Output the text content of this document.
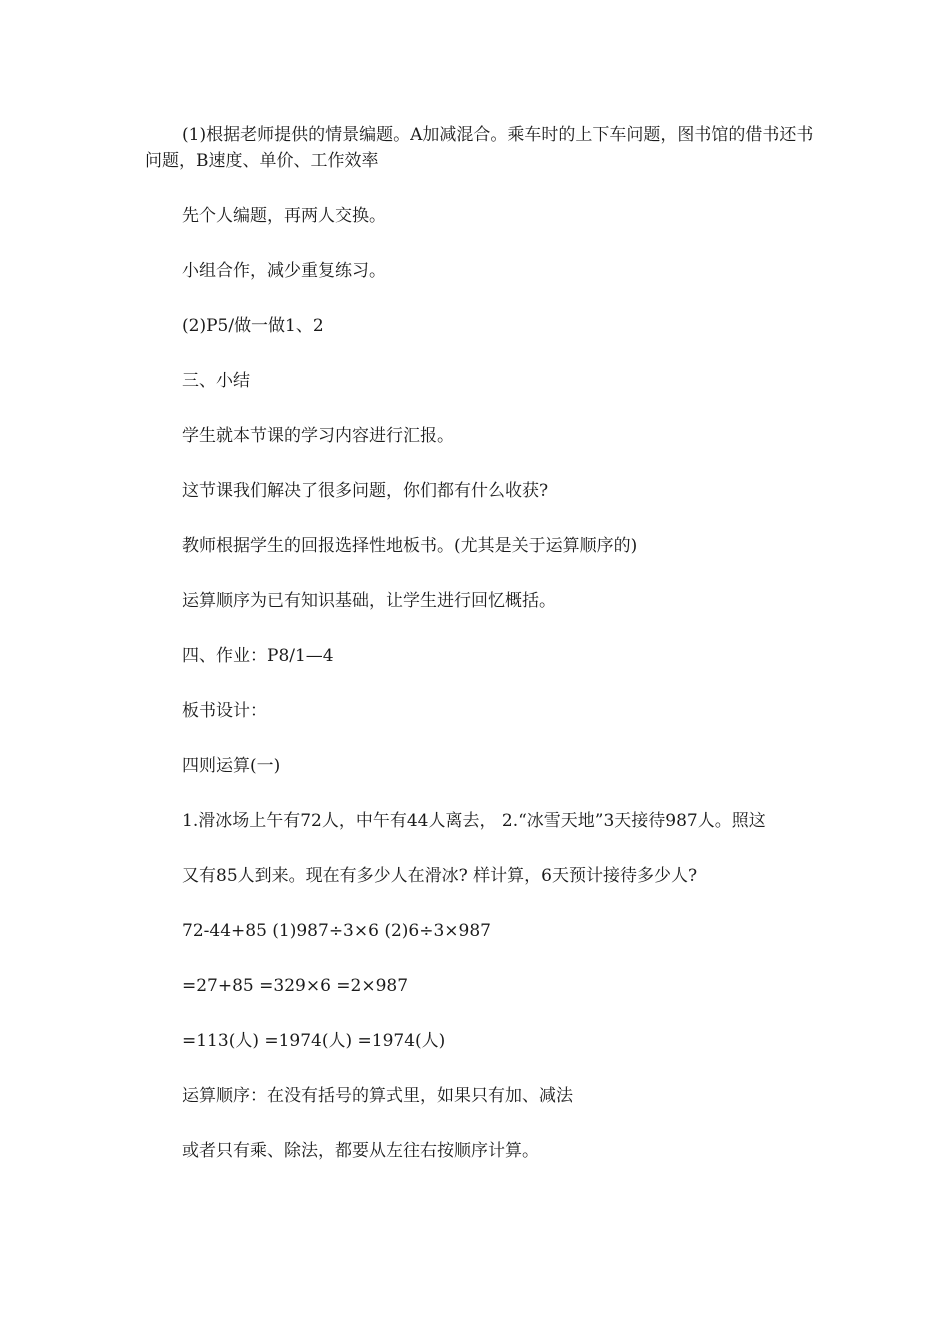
(1)根据老师提供的情景编题。A加减混合。乘车时的上下车问题，图书馆的借书还书问题，B速度、单价、工作效率

先个人编题，再两人交换。

小组合作，减少重复练习。

(2)P5/做一做1、2

三、小结

学生就本节课的学习内容进行汇报。

这节课我们解决了很多问题，你们都有什么收获?

教师根据学生的回报选择性地板书。(尤其是关于运算顺序的)

运算顺序为已有知识基础，让学生进行回忆概括。

四、作业：P8/1—4

板书设计：

四则运算(一)

1.滑冰场上午有72人，中午有44人离去， 2.“冰雪天地”3天接待987人。照这

又有85人到来。现在有多少人在滑冰? 样计算，6天预计接待多少人?

72-44+85 (1)987÷3×6 (2)6÷3×987

=27+85 =329×6 =2×987

=113(人) =1974(人) =1974(人)

运算顺序：在没有括号的算式里，如果只有加、减法

或者只有乘、除法，都要从左往右按顺序计算。
